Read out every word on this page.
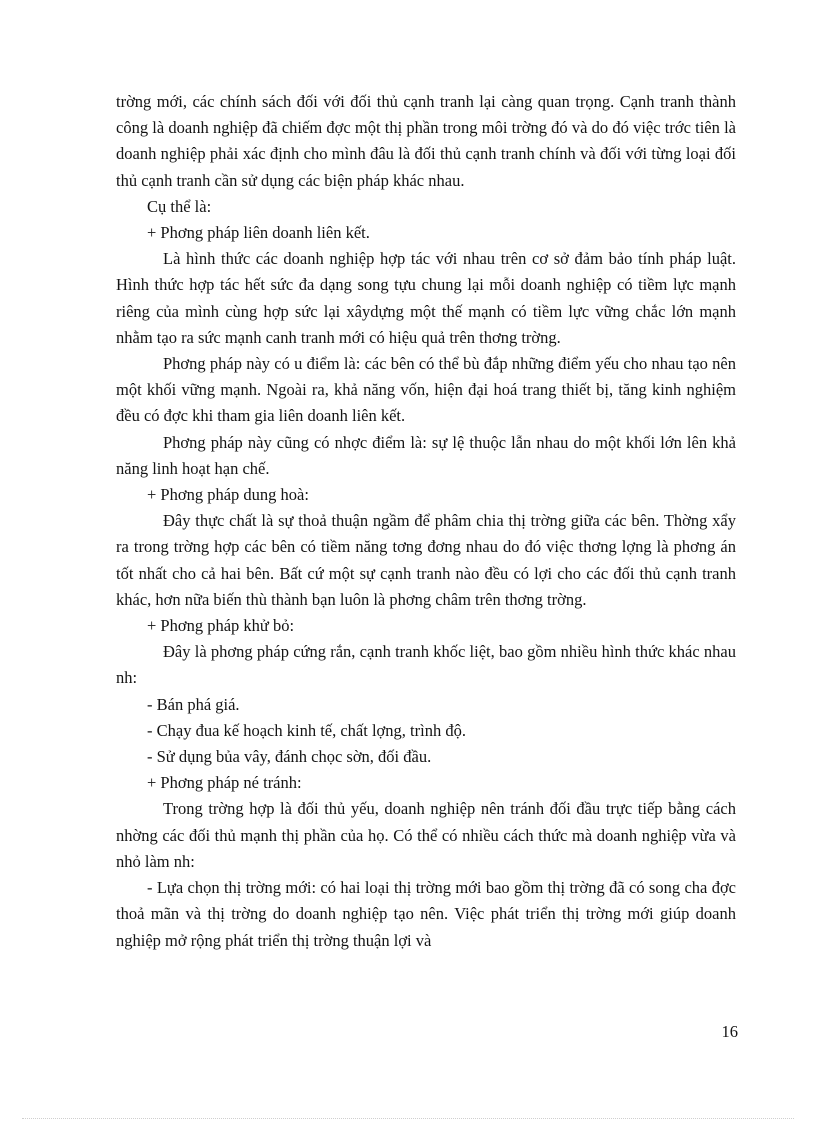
trờng mới, các chính sách đối với đối thủ cạnh tranh lại càng quan trọng. Cạnh tranh thành công là doanh nghiệp đã chiếm đợc một thị phần trong môi trờng đó và do đó việc trớc tiên là doanh nghiệp phải xác định cho mình đâu là đối thủ cạnh tranh chính và đối với từng loại đối thủ cạnh tranh cần sử dụng các biện pháp khác nhau.

Cụ thể là:

+ Phơng pháp liên doanh liên kết.

Là hình thức các doanh nghiệp hợp tác với nhau trên cơ sở đảm bảo tính pháp luật. Hình thức hợp tác hết sức đa dạng song tựu chung lại mỗi doanh nghiệp có tiềm lực mạnh riêng của mình cùng hợp sức lại xâydựng một thế mạnh có tiềm lực vững chắc lớn mạnh nhằm tạo ra sức mạnh canh tranh mới có hiệu quả trên thơng trờng.

Phơng pháp này có u điểm là: các bên có thể bù đắp những điểm yếu cho nhau tạo nên một khối vững mạnh. Ngoài ra, khả năng vốn, hiện đại hoá trang thiết bị, tăng kinh nghiệm đều có đợc khi tham gia liên doanh liên kết.

Phơng pháp này cũng có nhợc điểm là: sự lệ thuộc lẫn nhau do một khối lớn lên khả năng linh hoạt hạn chế.

+ Phơng pháp dung hoà:

Đây thực chất là sự thoả thuận ngầm để phâm chia thị trờng giữa các bên. Thờng xẩy ra trong trờng hợp các bên có tiềm năng tơng đơng nhau do đó việc thơng lợng là phơng án tốt nhất cho cả hai bên. Bất cứ một sự cạnh tranh nào đều có lợi cho các đối thủ cạnh tranh khác, hơn nữa biến thù thành bạn luôn là phơng châm trên thơng trờng.

+ Phơng pháp khử bỏ:

Đây là phơng pháp cứng rắn, cạnh tranh khốc liệt, bao gồm nhiều hình thức khác nhau nh:

- Bán phá giá.

- Chạy đua kế hoạch kinh tế, chất lợng, trình độ.

- Sử dụng bủa vây, đánh chọc sờn, đối đầu.

+ Phơng pháp né tránh:

Trong trờng hợp là đối thủ yếu, doanh nghiệp nên tránh đối đầu trực tiếp bằng cách nhờng các đối thủ mạnh thị phần của họ. Có thể có nhiều cách thức mà doanh nghiệp vừa và nhỏ làm nh:

- Lựa chọn thị trờng mới: có hai loại thị trờng mới bao gồm thị trờng đã có song cha đợc thoả mãn và thị trờng do doanh nghiệp tạo nên. Việc phát triển thị trờng mới giúp doanh nghiệp mở rộng phát triển thị trờng thuận lợi và

16
